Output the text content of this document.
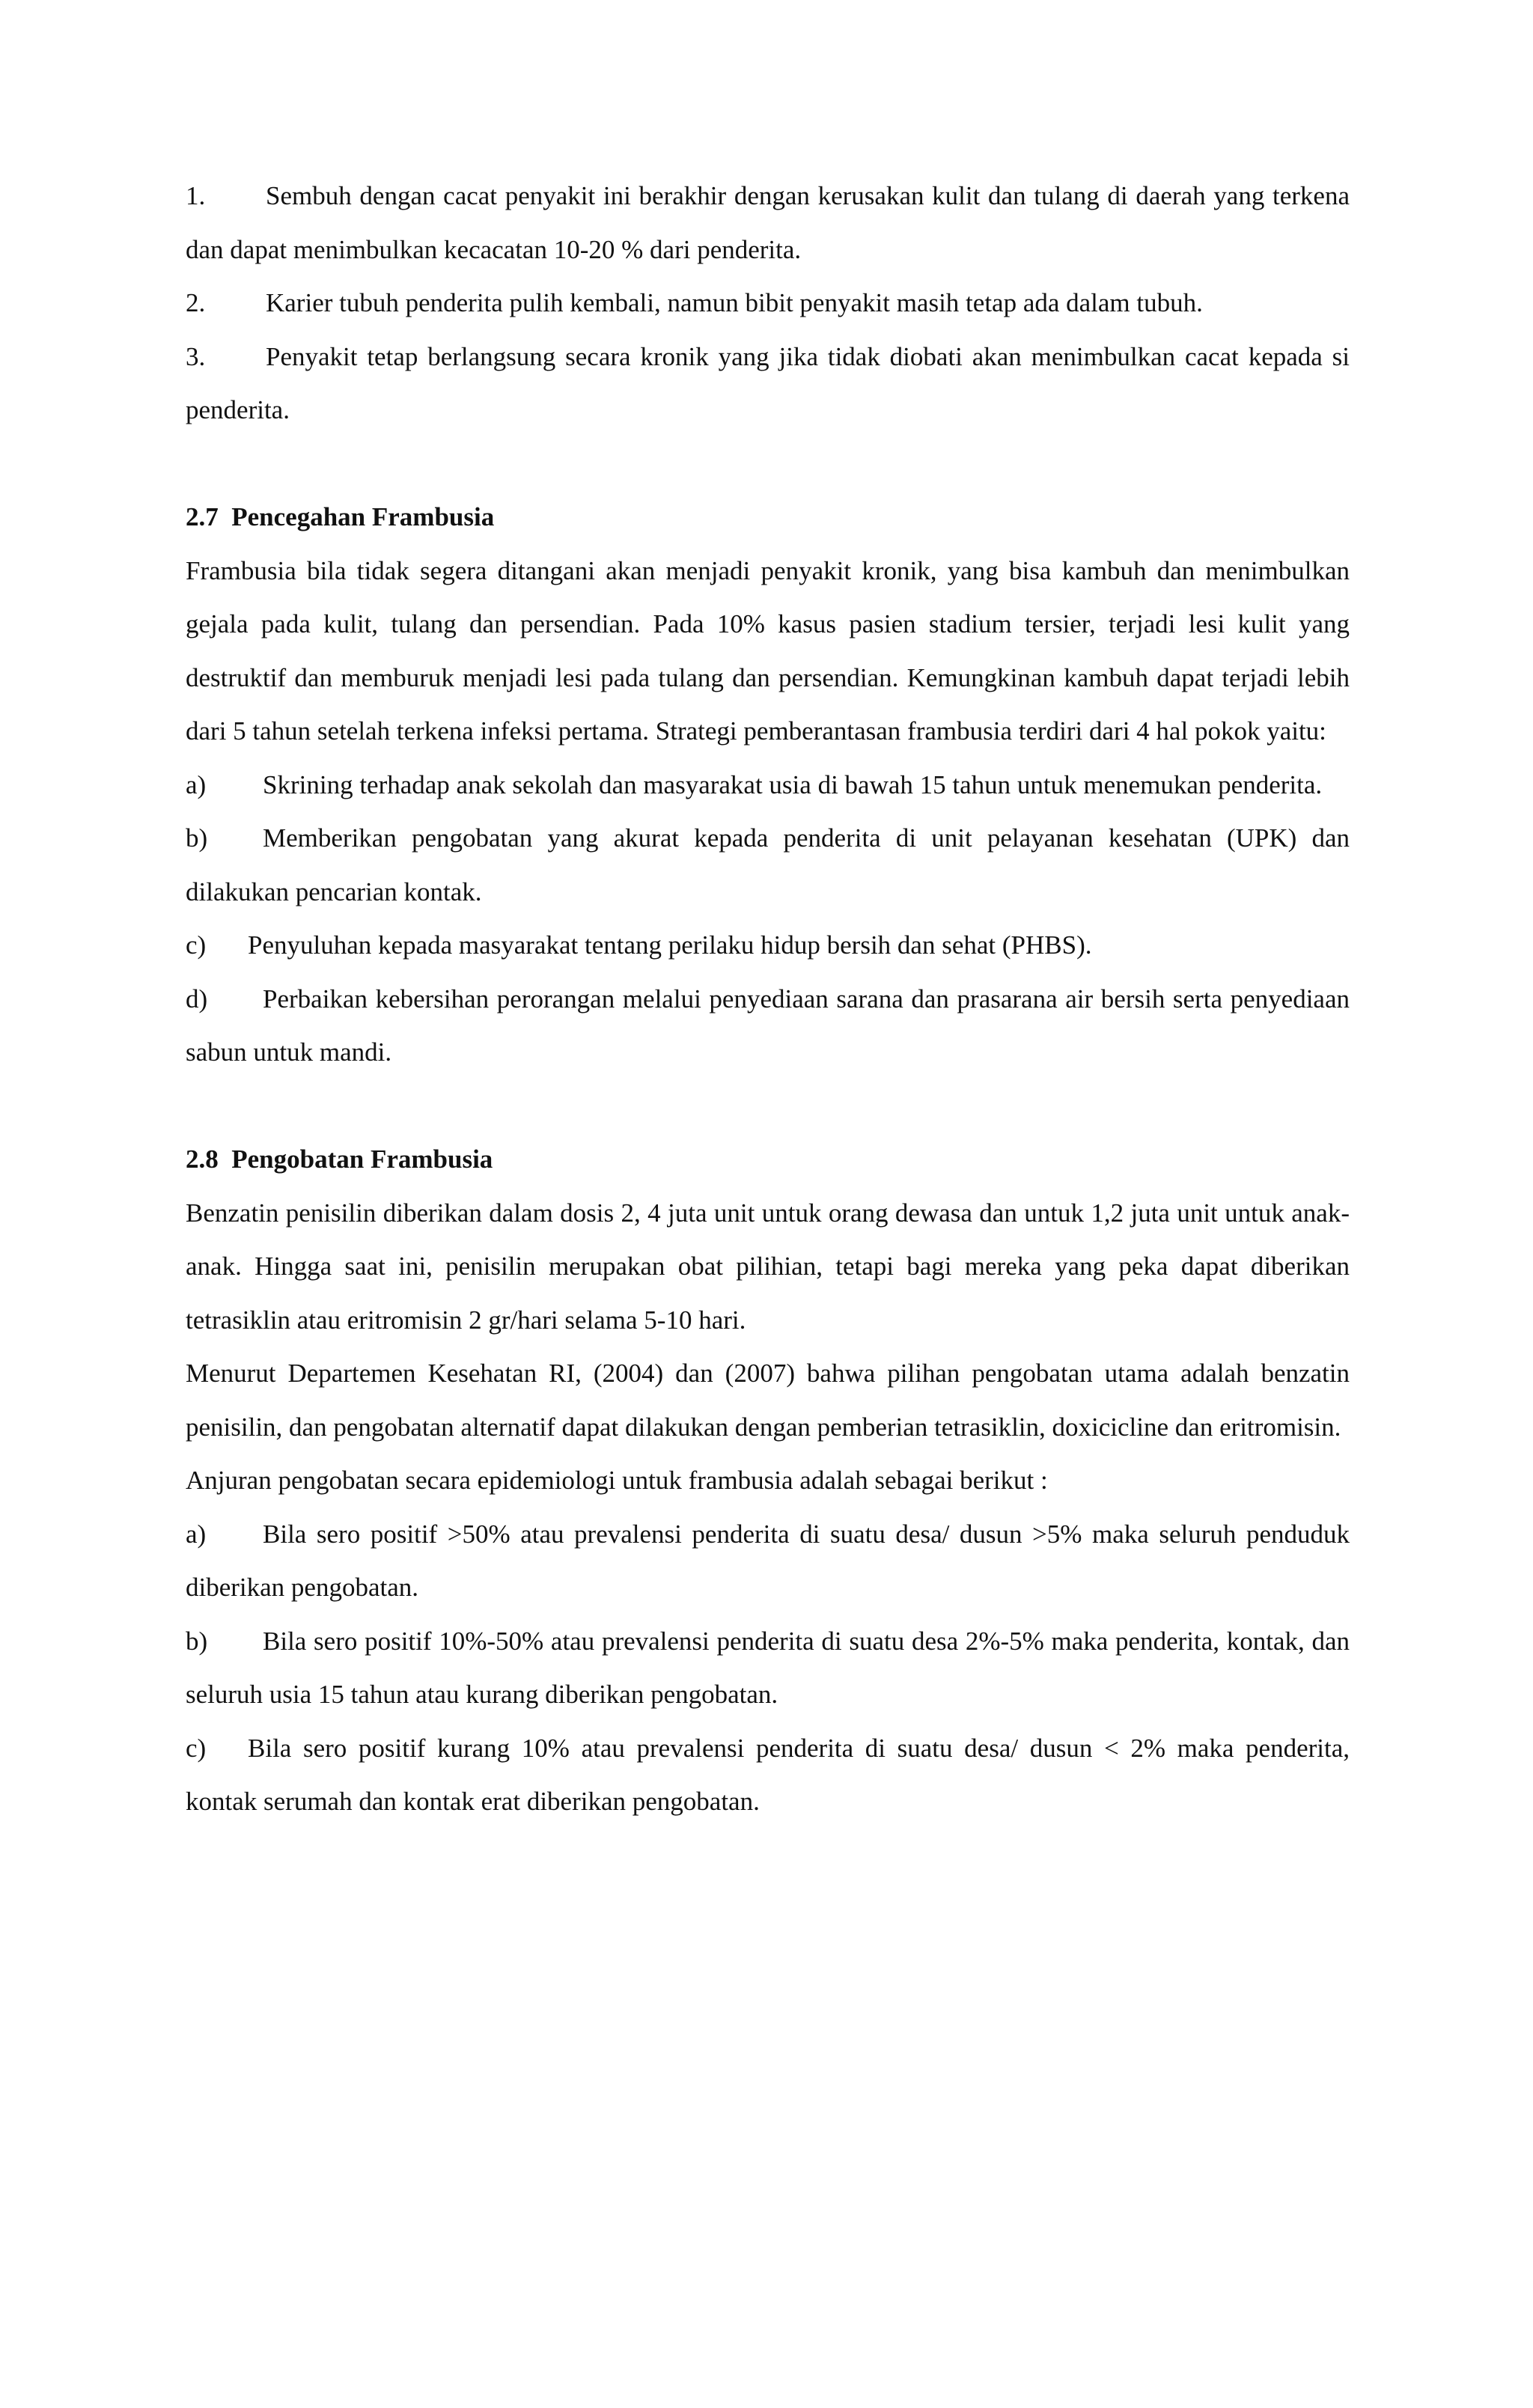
1. Sembuh dengan cacat penyakit ini berakhir dengan kerusakan kulit dan tulang di daerah yang terkena dan dapat menimbulkan kecacatan 10-20 % dari penderita.

2. Karier tubuh penderita pulih kembali, namun bibit penyakit masih tetap ada dalam tubuh.

3. Penyakit tetap berlangsung secara kronik yang jika tidak diobati akan menimbulkan cacat kepada si penderita.

2.7  Pencegahan Frambusia

Frambusia bila tidak segera ditangani akan menjadi penyakit kronik, yang bisa kambuh dan menimbulkan gejala pada kulit, tulang dan persendian. Pada 10% kasus pasien stadium tersier, terjadi lesi kulit yang destruktif dan memburuk menjadi lesi pada tulang dan persendian. Kemungkinan kambuh dapat terjadi lebih dari 5 tahun setelah terkena infeksi pertama. Strategi pemberantasan frambusia terdiri dari 4 hal pokok yaitu:

a) Skrining terhadap anak sekolah dan masyarakat usia di bawah 15 tahun untuk menemukan penderita.

b) Memberikan pengobatan yang akurat kepada penderita di unit pelayanan kesehatan (UPK) dan dilakukan pencarian kontak.

c) Penyuluhan kepada masyarakat tentang perilaku hidup bersih dan sehat (PHBS).

d) Perbaikan kebersihan perorangan melalui penyediaan sarana dan prasarana air bersih serta penyediaan sabun untuk mandi.

2.8  Pengobatan Frambusia

Benzatin penisilin diberikan dalam dosis 2, 4 juta unit untuk orang dewasa dan untuk 1,2 juta unit untuk anak-anak. Hingga saat ini, penisilin merupakan obat pilihian, tetapi bagi mereka yang peka dapat diberikan tetrasiklin atau eritromisin 2 gr/hari selama 5-10 hari.

Menurut Departemen Kesehatan RI, (2004) dan (2007) bahwa pilihan pengobatan utama adalah benzatin penisilin, dan pengobatan alternatif dapat dilakukan dengan pemberian tetrasiklin, doxicicline dan eritromisin.

Anjuran pengobatan secara epidemiologi untuk frambusia adalah sebagai berikut :

a) Bila sero positif >50% atau prevalensi penderita di suatu desa/ dusun >5% maka seluruh penduduk diberikan pengobatan.

b) Bila sero positif 10%-50% atau prevalensi penderita di suatu desa 2%-5% maka penderita, kontak, dan seluruh usia 15 tahun atau kurang diberikan pengobatan.

c) Bila sero positif kurang 10% atau prevalensi penderita di suatu desa/ dusun < 2% maka penderita, kontak serumah dan kontak erat diberikan pengobatan.
